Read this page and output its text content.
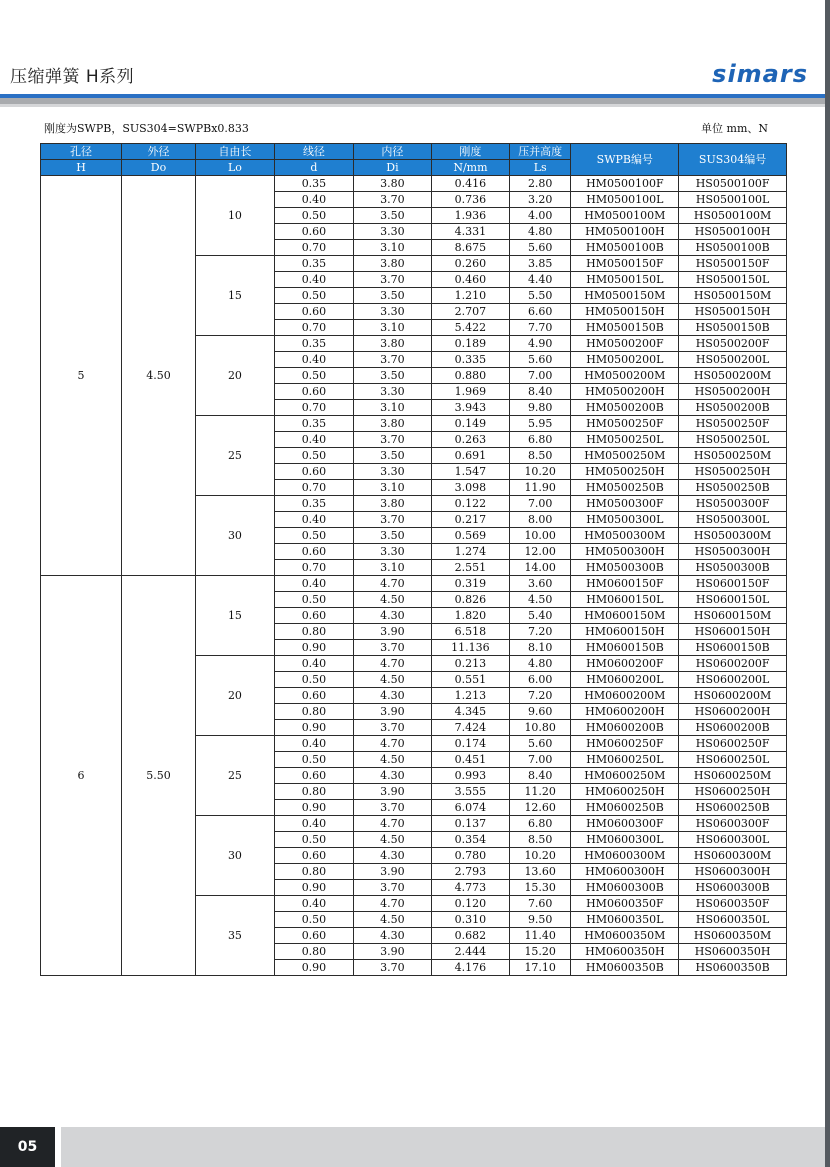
压缩弹簧 H系列	simars
刚度为SWPB，SUS304=SWPBx0.833	单位 mm、N
孔径	外径	自由长	线径	内径	刚度	压并高度	SWPB编号	SUS304编号
H	Do	Lo	d	Di	N/mm	Ls		
5	4.50	10	0.35	3.80	0.416	2.80	HM0500100F	HS0500100F
			0.40	3.70	0.736	3.20	HM0500100L	HS0500100L
			0.50	3.50	1.936	4.00	HM0500100M	HS0500100M
			0.60	3.30	4.331	4.80	HM0500100H	HS0500100H
			0.70	3.10	8.675	5.60	HM0500100B	HS0500100B
		15	0.35	3.80	0.260	3.85	HM0500150F	HS0500150F
			0.40	3.70	0.460	4.40	HM0500150L	HS0500150L
			0.50	3.50	1.210	5.50	HM0500150M	HS0500150M
			0.60	3.30	2.707	6.60	HM0500150H	HS0500150H
			0.70	3.10	5.422	7.70	HM0500150B	HS0500150B
		20	0.35	3.80	0.189	4.90	HM0500200F	HS0500200F
			0.40	3.70	0.335	5.60	HM0500200L	HS0500200L
			0.50	3.50	0.880	7.00	HM0500200M	HS0500200M
			0.60	3.30	1.969	8.40	HM0500200H	HS0500200H
			0.70	3.10	3.943	9.80	HM0500200B	HS0500200B
		25	0.35	3.80	0.149	5.95	HM0500250F	HS0500250F
			0.40	3.70	0.263	6.80	HM0500250L	HS0500250L
			0.50	3.50	0.691	8.50	HM0500250M	HS0500250M
			0.60	3.30	1.547	10.20	HM0500250H	HS0500250H
			0.70	3.10	3.098	11.90	HM0500250B	HS0500250B
		30	0.35	3.80	0.122	7.00	HM0500300F	HS0500300F
			0.40	3.70	0.217	8.00	HM0500300L	HS0500300L
			0.50	3.50	0.569	10.00	HM0500300M	HS0500300M
			0.60	3.30	1.274	12.00	HM0500300H	HS0500300H
			0.70	3.10	2.551	14.00	HM0500300B	HS0500300B
6	5.50	15	0.40	4.70	0.319	3.60	HM0600150F	HS0600150F
			0.50	4.50	0.826	4.50	HM0600150L	HS0600150L
			0.60	4.30	1.820	5.40	HM0600150M	HS0600150M
			0.80	3.90	6.518	7.20	HM0600150H	HS0600150H
			0.90	3.70	11.136	8.10	HM0600150B	HS0600150B
		20	0.40	4.70	0.213	4.80	HM0600200F	HS0600200F
			0.50	4.50	0.551	6.00	HM0600200L	HS0600200L
			0.60	4.30	1.213	7.20	HM0600200M	HS0600200M
			0.80	3.90	4.345	9.60	HM0600200H	HS0600200H
			0.90	3.70	7.424	10.80	HM0600200B	HS0600200B
		25	0.40	4.70	0.174	5.60	HM0600250F	HS0600250F
			0.50	4.50	0.451	7.00	HM0600250L	HS0600250L
			0.60	4.30	0.993	8.40	HM0600250M	HS0600250M
			0.80	3.90	3.555	11.20	HM0600250H	HS0600250H
			0.90	3.70	6.074	12.60	HM0600250B	HS0600250B
		30	0.40	4.70	0.137	6.80	HM0600300F	HS0600300F
			0.50	4.50	0.354	8.50	HM0600300L	HS0600300L
			0.60	4.30	0.780	10.20	HM0600300M	HS0600300M
			0.80	3.90	2.793	13.60	HM0600300H	HS0600300H
			0.90	3.70	4.773	15.30	HM0600300B	HS0600300B
		35	0.40	4.70	0.120	7.60	HM0600350F	HS0600350F
			0.50	4.50	0.310	9.50	HM0600350L	HS0600350L
			0.60	4.30	0.682	11.40	HM0600350M	HS0600350M
			0.80	3.90	2.444	15.20	HM0600350H	HS0600350H
			0.90	3.70	4.176	17.10	HM0600350B	HS0600350B
05
